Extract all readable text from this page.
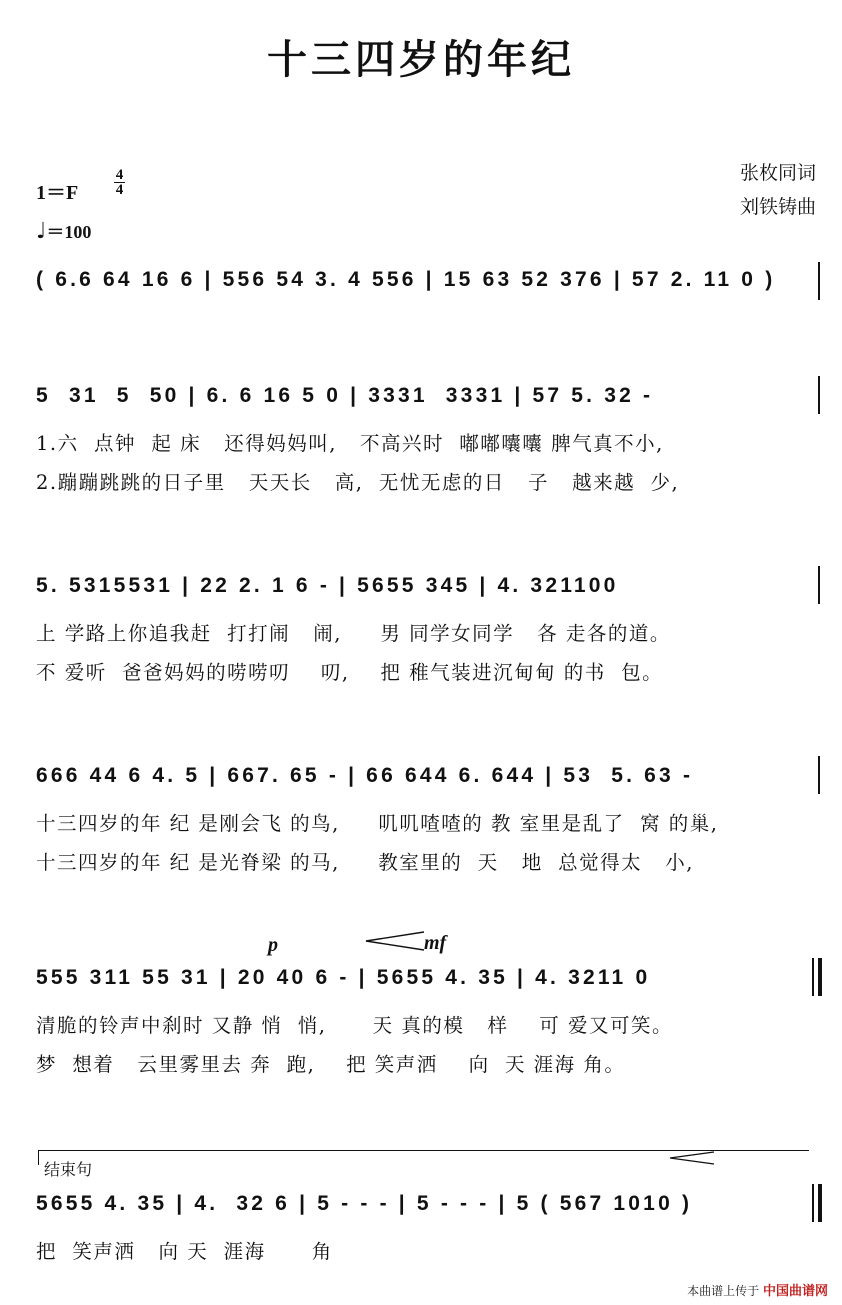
十三四岁的年纪
张枚同词
刘铁铸曲
1＝F
4
4
♩＝100
( 6.6 64 16 6 | 556 54 3. 4 556 | 15 63 52 376 | 57 2. 11 0 )
5  31  5  50 | 6. 6 16 5 0 | 3331  3331 | 57 5. 32 -
1.六  点钟  起 床   还得妈妈叫,   不高兴时  嘟嘟囔囔 脾气真不小,
2.蹦蹦跳跳的日子里   天天长   高,  无忧无虑的日   子   越来越  少,
5. 5315531 | 22 2. 1 6 - | 5655 345 | 4. 321100
上 学路上你追我赶  打打闹   闹,     男 同学女同学   各 走各的道。
不 爱听  爸爸妈妈的唠唠叨    叨,    把 稚气装进沉甸甸 的书  包。
666 44 6 4. 5 | 667. 65 - | 66 644 6. 644 | 53  5. 63 -
十三四岁的年 纪 是刚会飞 的鸟,     叽叽喳喳的 教 室里是乱了  窝 的巢,
十三四岁的年 纪 是光脊梁 的马,     教室里的  天   地  总觉得太   小,
p	mf
555 311 55 31 | 20 40 6 - | 5655 4. 35 | 4. 3211 0
清脆的铃声中刹时 又静 悄  悄,      天 真的模   样    可 爱又可笑。
梦  想着   云里雾里去 奔  跑,    把 笑声洒    向  天 涯海 角。
结束句
5655 4. 35 | 4.  32 6 | 5 - - - | 5 - - - | 5 ( 567 1010 )
把  笑声洒   向 天  涯海      角
本曲谱上传于 中国曲谱网
